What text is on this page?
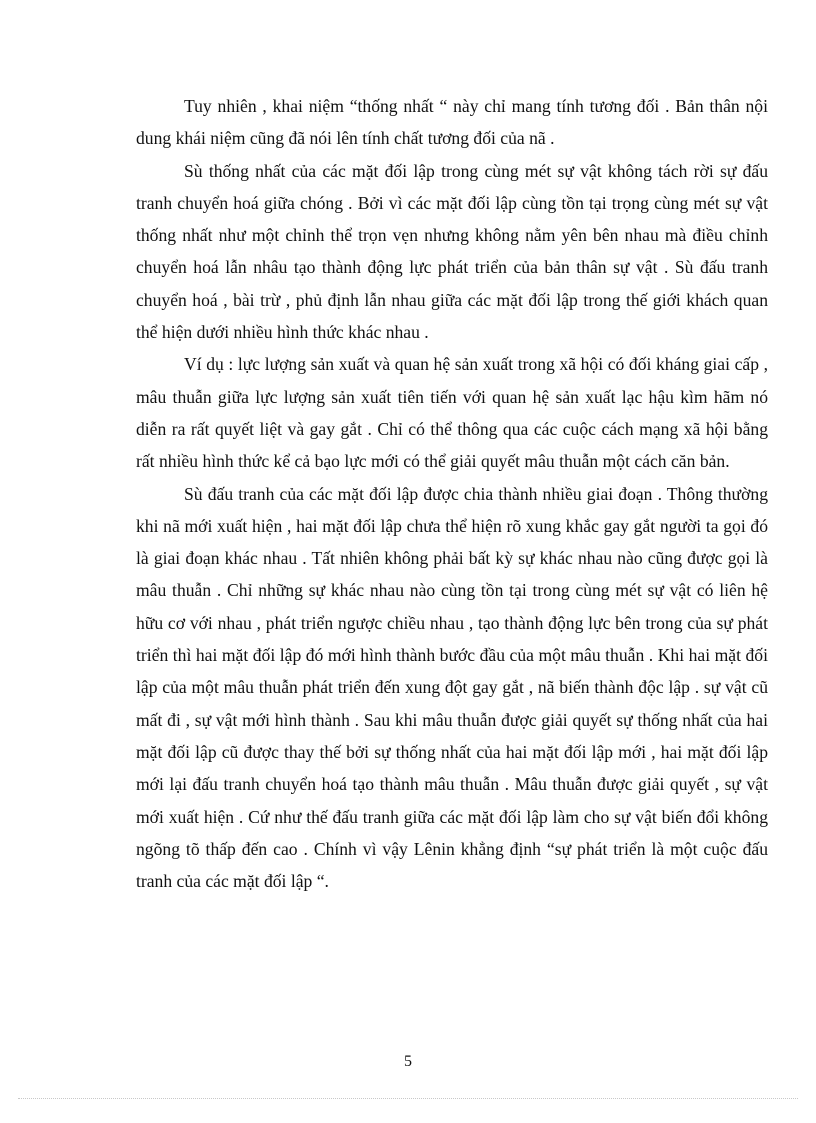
Tuy nhiên , khai niệm “thống nhất “ này chỉ mang tính tương đối . Bản thân nội dung khái niệm cũng đã nói lên tính chất tương đối của nã .

Sù thống nhất của các mặt đối lập trong cùng mét sự vật không tách rời sự đấu tranh chuyển hoá giữa chóng . Bởi vì các mặt đối lập cùng tồn tại trọng cùng mét sự vật thống nhất như một chỉnh thể trọn vẹn nhưng không nằm yên bên nhau mà điều chỉnh chuyển hoá lẫn nhâu tạo thành động lực phát triển của bản thân sự vật . Sù đấu tranh chuyển hoá , bài trừ , phủ định lẫn nhau giữa các mặt đối lập trong thế giới khách quan thể hiện dưới nhiều hình thức khác nhau .

Ví dụ : lực lượng sản xuất và quan hệ sản xuất trong xã hội có đối kháng giai cấp , mâu thuẫn giữa lực lượng sản xuất tiên tiến với quan hệ sản xuất lạc hậu kìm hãm nó diễn ra rất quyết liệt và gay gắt . Chỉ có thể thông qua các cuộc cách mạng xã hội bằng rất nhiều hình thức kể cả bạo lực mới có thể giải quyết mâu thuẫn một cách căn bản.

Sù đấu tranh của các mặt đối lập được chia thành nhiều giai đoạn . Thông thường khi nã mới xuất hiện , hai mặt đối lập chưa thể hiện rõ xung khắc gay gắt người ta gọi đó là giai đoạn khác nhau . Tất nhiên không phải bất kỳ sự khác nhau nào cũng được gọi là mâu thuẫn . Chỉ những sự khác nhau nào cùng tồn tại trong cùng mét sự vật có liên hệ hữu cơ với nhau , phát triển ngược chiều nhau , tạo thành động lực bên trong của sự phát triển thì hai mặt đối lập đó mới hình thành bước đầu của một mâu thuẫn . Khi hai mặt đối lập của một mâu thuẫn phát triển đến xung đột gay gắt , nã biến thành độc lập . sự vật cũ mất đi , sự vật mới hình thành . Sau khi mâu thuẫn được giải quyết sự thống nhất của hai mặt đối lập cũ được thay thế bởi sự thống nhất của hai mặt đối lập mới , hai mặt đối lập mới lại đấu tranh chuyển hoá tạo thành mâu thuẫn . Mâu thuẫn được giải quyết , sự vật mới xuất hiện . Cứ như thế đấu tranh giữa các mặt đối lập làm cho sự vật biến đổi không ngõng tõ thấp đến cao . Chính vì vậy Lênin khẳng định “sự phát triển là một cuộc đấu tranh của các mặt đối lập “.

5
